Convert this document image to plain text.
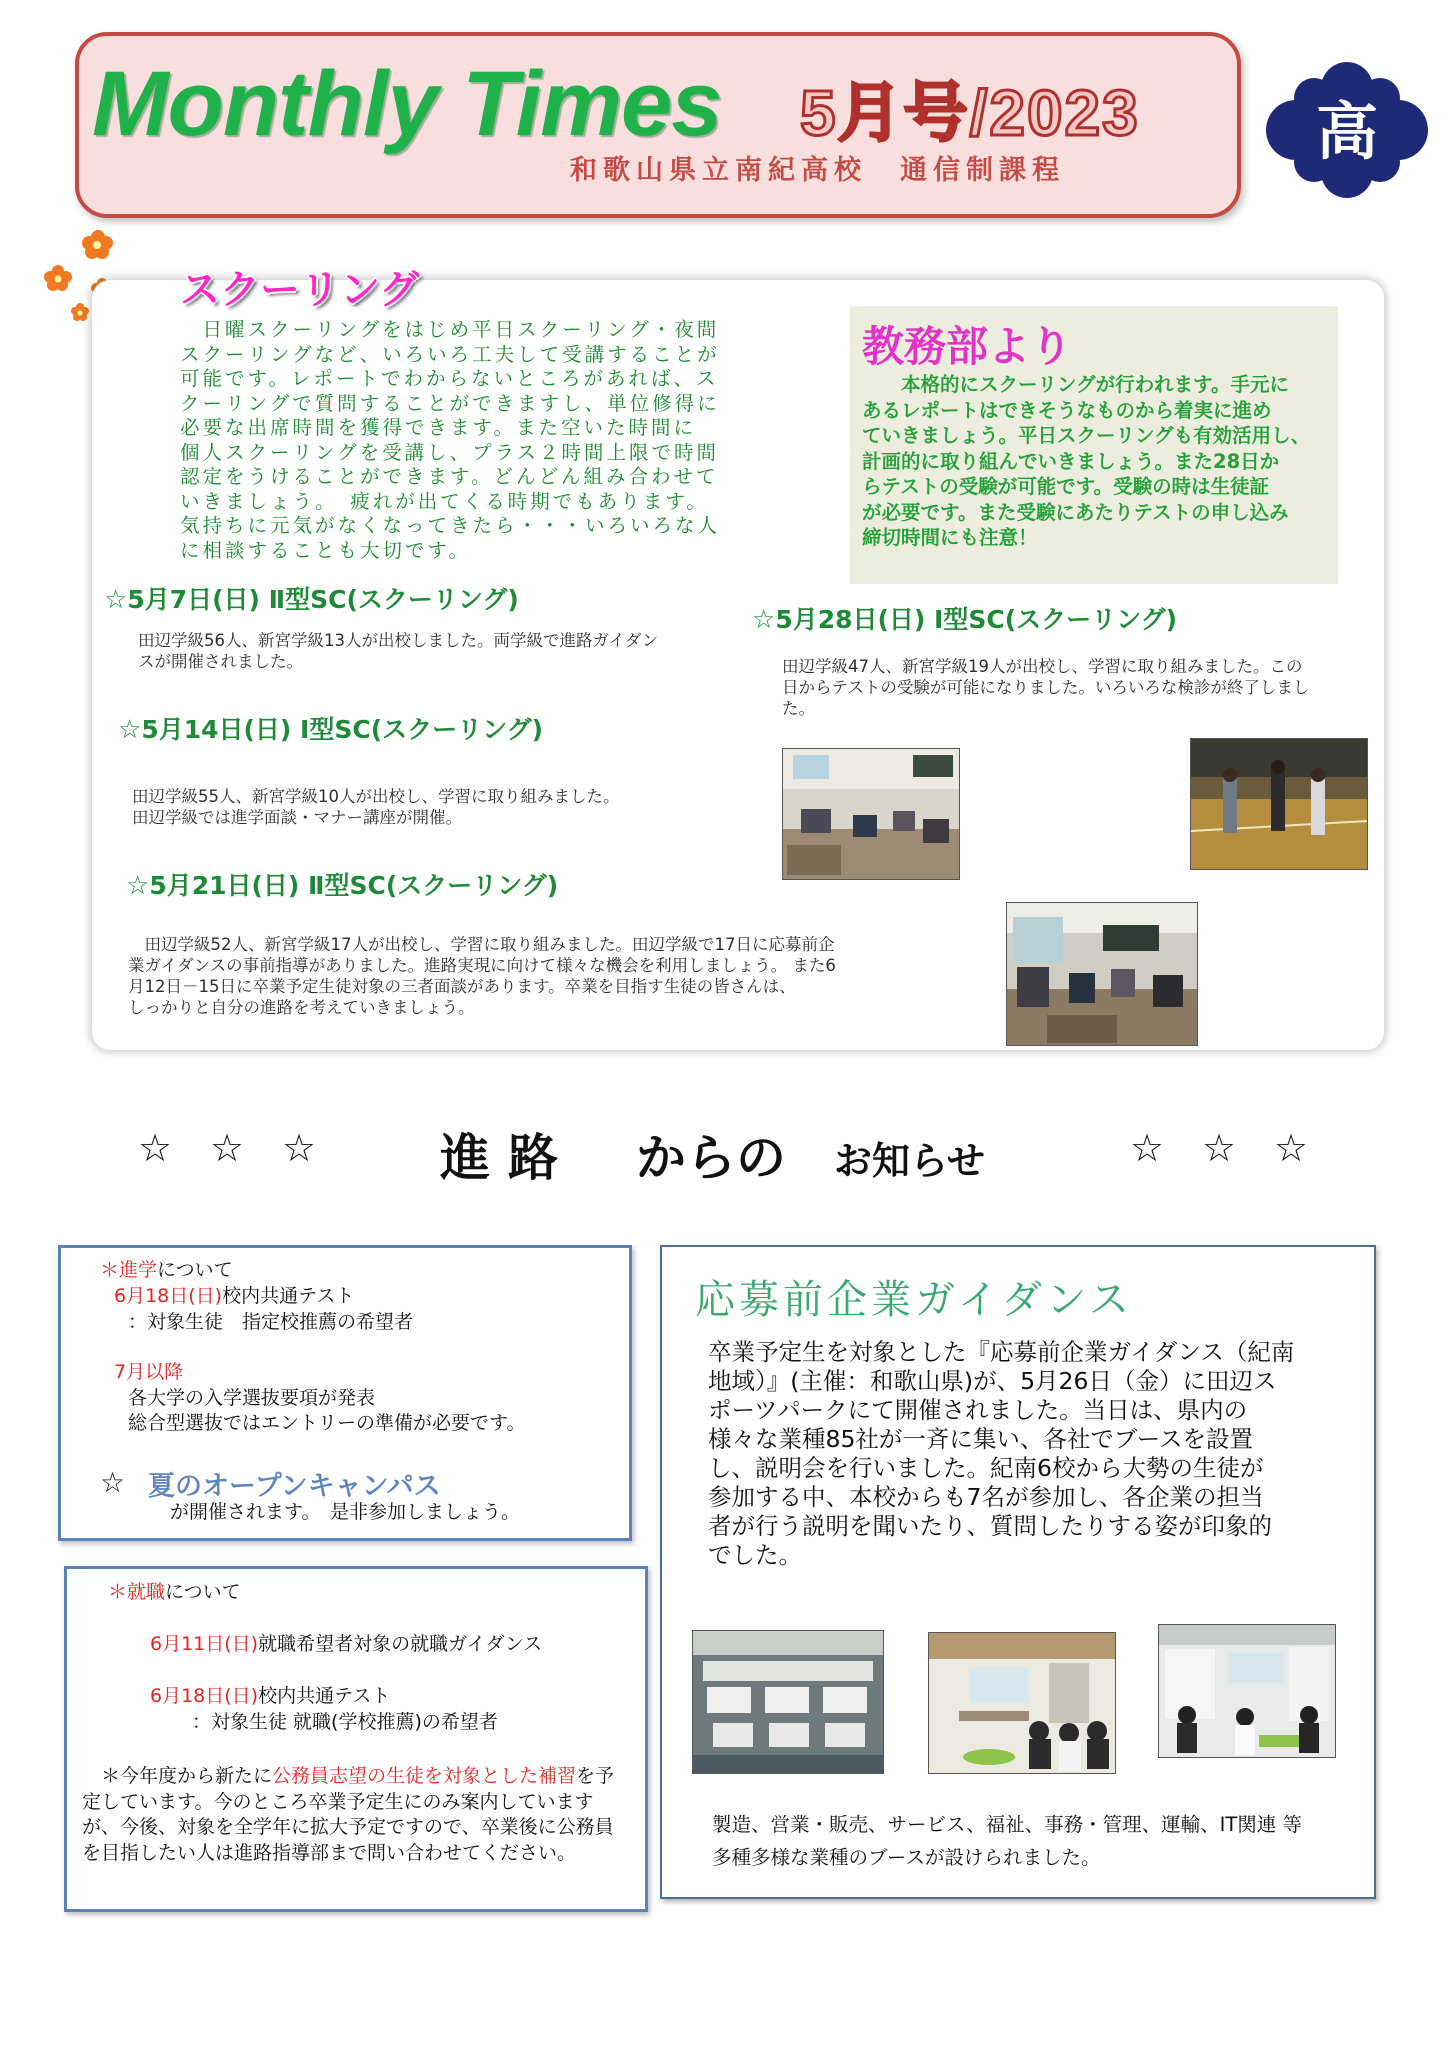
Monthly Times 5月号/2023
和歌山県立南紀高校　通信制課程
高
スクーリング
　日曜スクーリングをはじめ平日スクーリング・夜間
スクーリングなど、いろいろ工夫して受講することが
可能です。レポートでわからないところがあれば、ス
クーリングで質問することができますし、単位修得に
必要な出席時間を獲得できます。また空いた時間に
個人スクーリングを受講し、プラス２時間上限で時間
認定をうけることができます。どんどん組み合わせて
いきましょう。　疲れが出てくる時期でもあります。
気持ちに元気がなくなってきたら・・・いろいろな人
に相談することも大切です。
教務部より
　　本格的にスクーリングが行われます。手元に
あるレポートはできそうなものから着実に進め
ていきましょう。平日スクーリングも有効活用し、
計画的に取り組んでいきましょう。また28日か
らテストの受験が可能です。受験の時は生徒証
が必要です。また受験にあたりテストの申し込み
締切時間にも注意！
☆5月7日(日) Ⅱ型SC(スクーリング)
田辺学級56人、新宮学級13人が出校しました。両学級で進路ガイダン
スが開催されました。
☆5月14日(日) Ⅰ型SC(スクーリング)
田辺学級55人、新宮学級10人が出校し、学習に取り組みました。
田辺学級では進学面談・マナー講座が開催。
☆5月21日(日) Ⅱ型SC(スクーリング)
　田辺学級52人、新宮学級17人が出校し、学習に取り組みました。田辺学級で17日に応募前企
業ガイダンスの事前指導がありました。進路実現に向けて様々な機会を利用しましょう。 また6
月12日－15日に卒業予定生徒対象の三者面談があります。卒業を目指す生徒の皆さんは、
しっかりと自分の進路を考えていきましょう。
☆5月28日(日) Ⅰ型SC(スクーリング)
田辺学級47人、新宮学級19人が出校し、学習に取り組みました。この
日からテストの受験が可能になりました。いろいろな検診が終了しまし
た。
☆ ☆ ☆ 進路 からの お知らせ	☆ ☆ ☆
＊進学について
6月18日(日)校内共通テスト
：対象生徒　指定校推薦の希望者
7月以降
各大学の入学選抜要項が発表
総合型選抜ではエントリーの準備が必要です。
☆ 夏のオープンキャンパス
が開催されます。　是非参加しましょう。
＊就職について
6月11日(日)就職希望者対象の就職ガイダンス
6月18日(日)校内共通テスト
：対象生徒 就職(学校推薦)の希望者
　＊今年度から新たに公務員志望の生徒を対象とした補習を予定しています。今のところ卒業予定生にのみ案内していますが、今後、対象を全学年に拡大予定ですので、卒業後に公務員を目指したい人は進路指導部まで問い合わせてください。
応募前企業ガイダンス
卒業予定生を対象とした『応募前企業ガイダンス（紀南
地域）』(主催：和歌山県)が、5月26日（金）に田辺ス
ポーツパークにて開催されました。当日は、県内の
様々な業種85社が一斉に集い、各社でブースを設置
し、説明会を行いました。紀南6校から大勢の生徒が
参加する中、本校からも7名が参加し、各企業の担当
者が行う説明を聞いたり、質問したりする姿が印象的
でした。
製造、営業・販売、サービス、福祉、事務・管理、運輸、IT関連 等
多種多様な業種のブースが設けられました。
